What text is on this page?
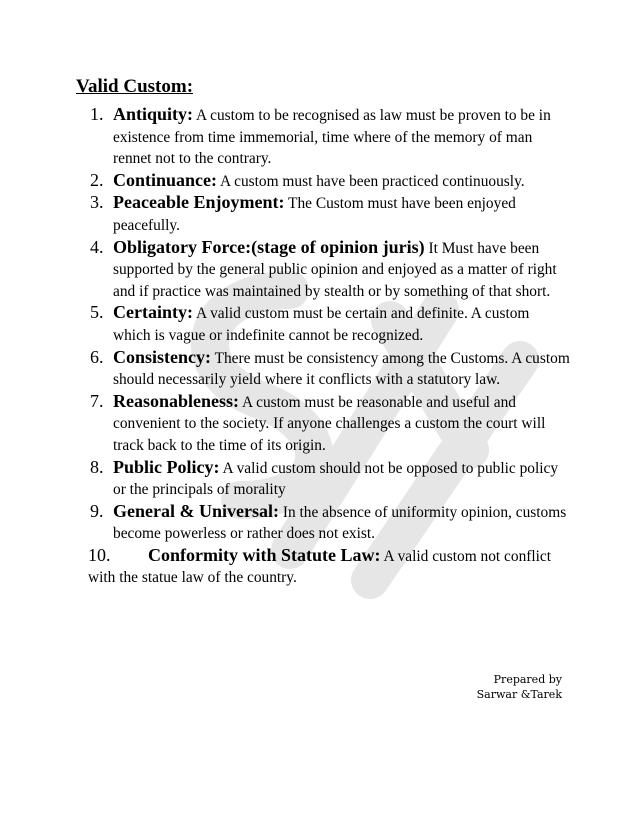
Valid Custom:
1. Antiquity: A custom to be recognised as law must be proven to be in existence from time immemorial, time where of the memory of man rennet not to the contrary.
2. Continuance: A custom must have been practiced continuously.
3. Peaceable Enjoyment: The Custom must have been enjoyed peacefully.
4. Obligatory Force:(stage of opinion juris) It Must have been supported by the general public opinion and enjoyed as a matter of right and if practice was maintained by stealth or by something of that short.
5. Certainty: A valid custom must be certain and definite. A custom which is vague or indefinite cannot be recognized.
6. Consistency: There must be consistency among the Customs. A custom should necessarily yield where it conflicts with a statutory law.
7. Reasonableness: A custom must be reasonable and useful and convenient to the society. If anyone challenges a custom the court will track back to the time of its origin.
8. Public Policy: A valid custom should not be opposed to public policy or the principals of morality
9. General & Universal: In the absence of uniformity opinion, customs become powerless or rather does not exist.
10. Conformity with Statute Law: A valid custom not conflict with the statue law of the country.
Prepared by
Sarwar &Tarek
